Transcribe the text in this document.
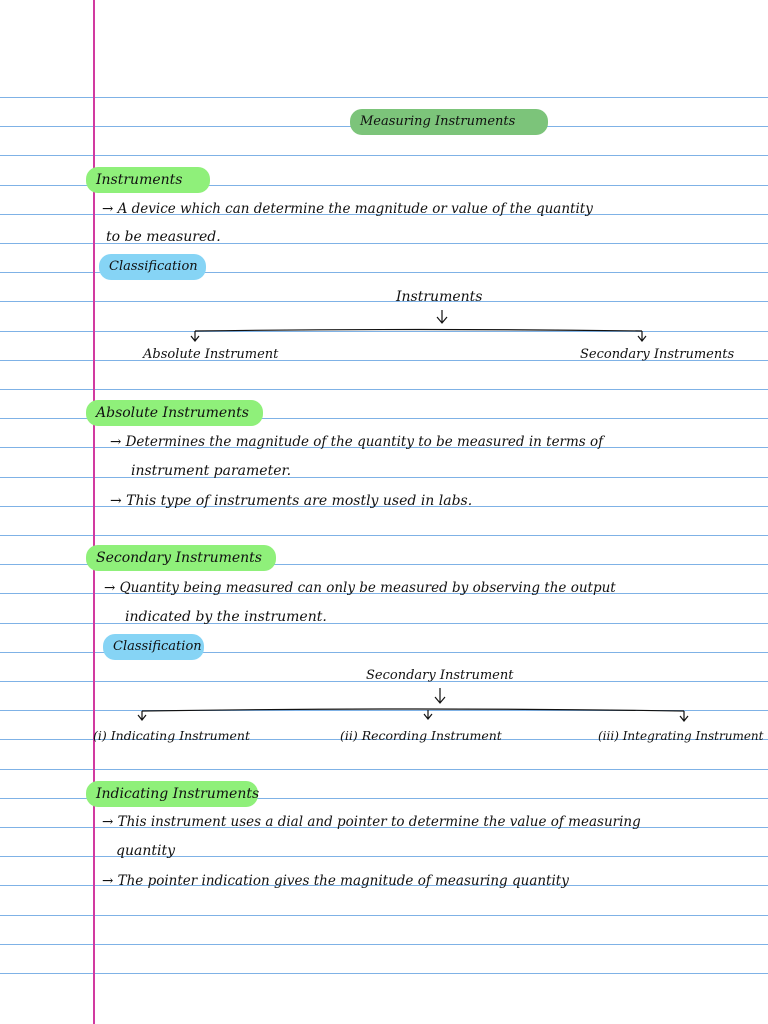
Measuring Instruments
Instruments
→ A device which can determine the magnitude or value of the quantity
to be measured.
Classification
Instruments
Absolute Instrument	Secondary Instruments
Absolute Instruments
→ Determines the magnitude of the quantity to be measured in terms of
instrument parameter.
→ This type of instruments are mostly used in labs.
Secondary Instruments
→ Quantity being measured can only be measured by observing the output
indicated by the instrument.
Classification
Secondary Instrument
(i) Indicating Instrument	(ii) Recording Instrument	(iii) Integrating Instrument
Indicating Instruments
→ This instrument uses a dial and pointer to determine the value of measuring
quantity
→ The pointer indication gives the magnitude of measuring quantity
